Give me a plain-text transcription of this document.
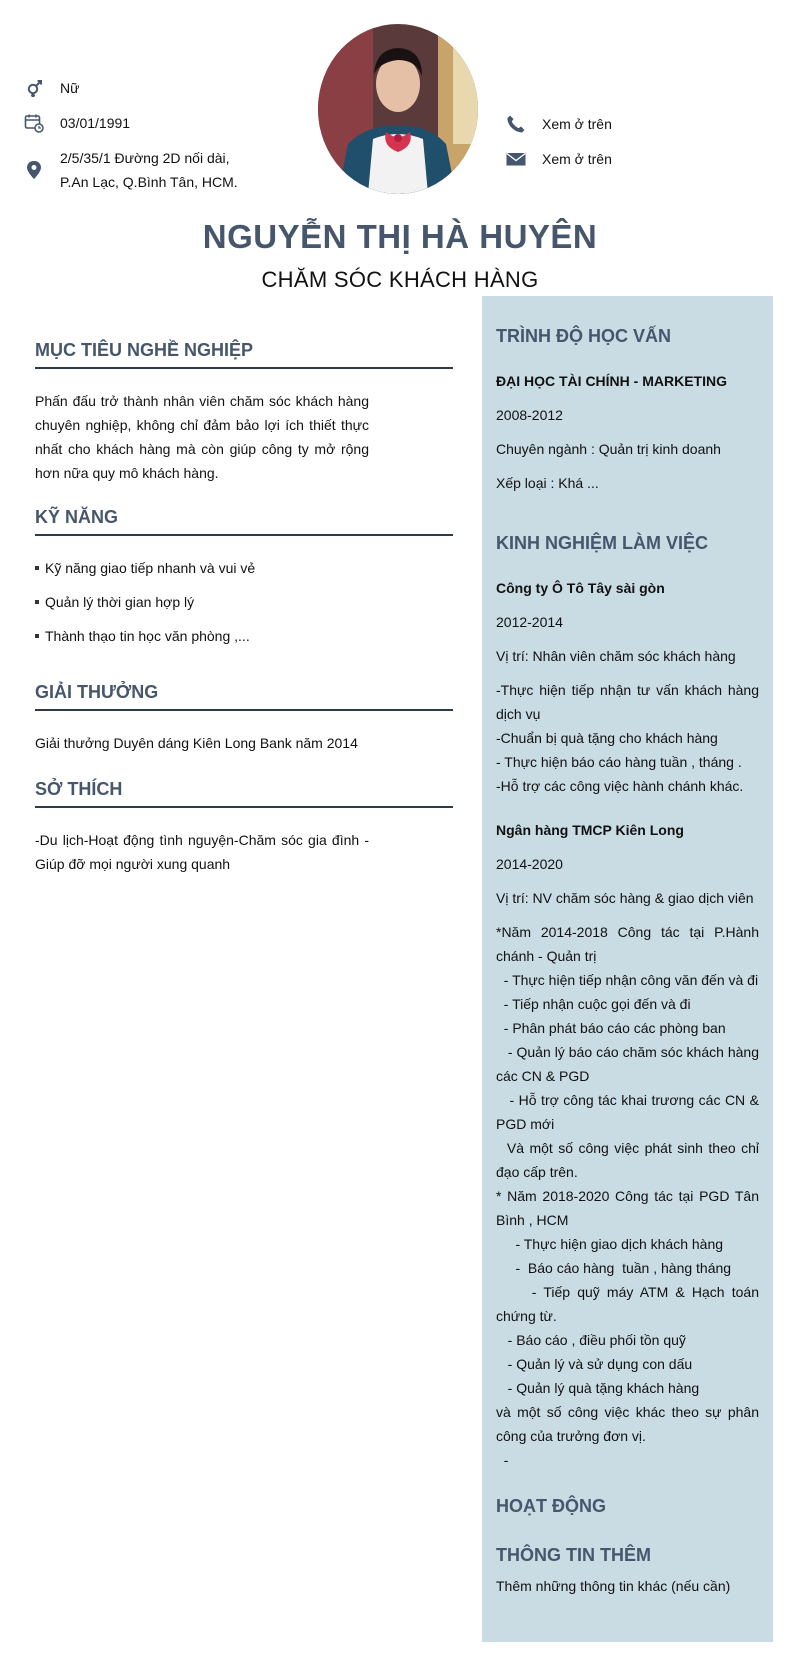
Nữ
03/01/1991
2/5/35/1 Đường 2D nối dài, P.An Lạc, Q.Bình Tân, HCM.
Xem ở trên
Xem ở trên
NGUYỄN THỊ HÀ HUYÊN
CHĂM SÓC KHÁCH HÀNG
MỤC TIÊU NGHỀ NGHIỆP
Phấn đấu trở thành nhân viên chăm sóc khách hàng chuyên nghiệp, không chỉ đảm bảo lợi ích thiết thực nhất cho khách hàng mà còn giúp công ty mở rộng hơn nữa quy mô khách hàng.
KỸ NĂNG
Kỹ năng giao tiếp nhanh và vui vẻ
Quản lý thời gian hợp lý
Thành thạo tin học văn phòng ,...
GIẢI THƯỞNG
Giải thưởng Duyên dáng Kiên Long Bank năm 2014
SỞ THÍCH
-Du lịch-Hoạt động tình nguyện-Chăm sóc gia đình -Giúp đỡ mọi người xung quanh
TRÌNH ĐỘ HỌC VẤN
ĐẠI HỌC TÀI CHÍNH - MARKETING
2008-2012
Chuyên ngành : Quản trị kinh doanh
Xếp loại : Khá ...
KINH NGHIỆM LÀM VIỆC
Công ty Ô Tô Tây sài gòn
2012-2014
Vị trí: Nhân viên chăm sóc khách hàng
-Thực hiện tiếp nhận tư vấn khách hàng dịch vụ
-Chuẩn bị quà tặng cho khách hàng
- Thực hiện báo cáo hàng tuần , tháng .
-Hỗ trợ các công việc hành chánh khác.
Ngân hàng TMCP Kiên Long
2014-2020
Vị trí: NV chăm sóc hàng & giao dịch viên
*Năm 2014-2018 Công tác tại P.Hành chánh - Quản trị
- Thực hiện tiếp nhận công văn đến và đi
- Tiếp nhận cuộc gọi đến và đi
- Phân phát báo cáo các phòng ban
- Quản lý báo cáo chăm sóc khách hàng các CN & PGD
- Hỗ trợ công tác khai trương các CN & PGD mới
Và một số công việc phát sinh theo chỉ đạo cấp trên.
* Năm 2018-2020 Công tác tại PGD Tân Bình , HCM
- Thực hiện giao dịch khách hàng
-  Báo cáo hàng  tuần , hàng tháng
- Tiếp quỹ máy ATM & Hạch toán chứng từ.
- Báo cáo , điều phối tồn quỹ
- Quản lý và sử dụng con dấu
- Quản lý quà tặng khách hàng
và một số công việc khác theo sự phân công của trưởng đơn vị.
-
HOẠT ĐỘNG
THÔNG TIN THÊM
Thêm những thông tin khác (nếu cần)
